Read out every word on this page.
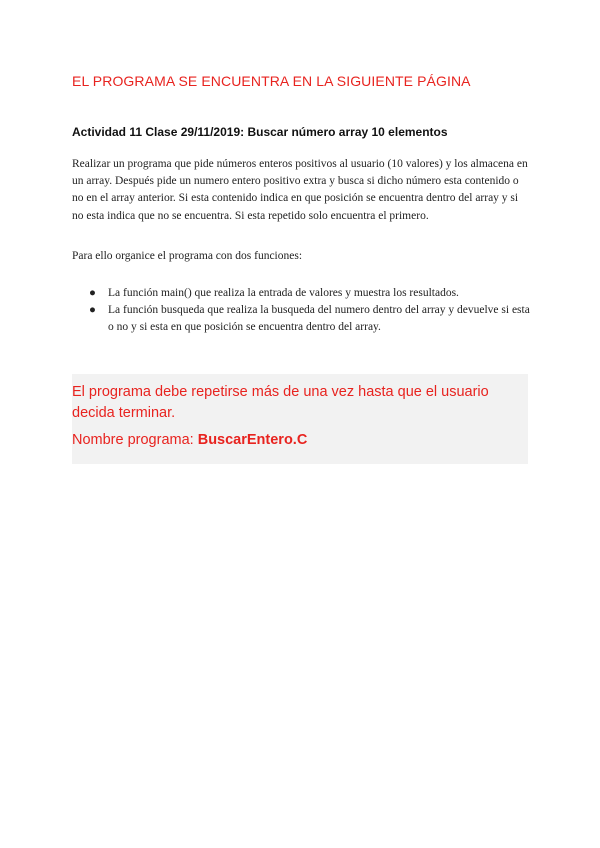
EL PROGRAMA SE ENCUENTRA EN LA SIGUIENTE PÁGINA
Actividad 11 Clase 29/11/2019: Buscar número array 10 elementos

Realizar un programa que pide números enteros positivos al usuario (10 valores) y los almacena en un array. Después pide un numero entero positivo extra y busca si dicho número esta contenido o no en el array anterior. Si esta contenido indica en que posición se encuentra dentro del array y si no esta indica que no se encuentra. Si esta repetido solo encuentra el primero.

Para ello organice el programa con dos funciones:

● La función main() que realiza la entrada de valores y muestra los resultados.
● La función busqueda que realiza la busqueda del numero dentro del array y devuelve si esta o no y si esta en que posición se encuentra dentro del array.

El programa debe repetirse más de una vez hasta que el usuario decida terminar.

Nombre programa: BuscarEntero.C
